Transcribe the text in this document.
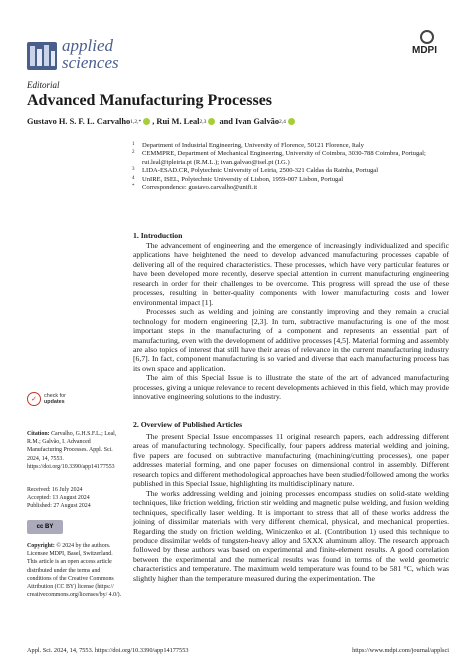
applied
sciences
MDPI
Editorial
Advanced Manufacturing Processes
Gustavo H. S. F. L. Carvalho 1,2,* , Rui M. Leal 2,3
and Ivan Galvão 2,4
1 Department of Industrial Engineering, University of Florence, 50121 Florence, Italy
2 CEMMPRE, Department of Mechanical Engineering, University of Coimbra, 3030-788 Coimbra, Portugal;
rui.leal@ipleiria.pt (R.M.L.); ivan.galvao@isel.pt (I.G.)
3 LIDA-ESAD.CR, Polytechnic University of Leiria, 2500-321 Caldas da Rainha, Portugal
4 UnIRE, ISEL, Polytechnic University of Lisbon, 1959-007 Lisbon, Portugal
* Correspondence: gustavo.carvalho@unifi.it
1. Introduction

The advancement of engineering and the emergence of increasingly individualized and specific applications have heightened the need to develop advanced manufacturing processes capable of delivering all of the required characteristics. These processes, which have very particular features or have been developed more recently, deserve special attention in current manufacturing engineering research in order for their challenges to be overcome. This progress will spread the use of these processes, resulting in better-quality components with lower manufacturing costs and lower environmental impact [1].

Processes such as welding and joining are constantly improving and they remain a crucial technology for modern engineering [2,3]. In turn, subtractive manufacturing is one of the most important steps in the manufacturing of a component and represents an essential part of manufacturing, even with the development of additive processes [4,5]. Material forming and assembly are also topics of interest that still have their areas of relevance in the current manufacturing industry [6,7]. In fact, component manufacturing is so varied and diverse that each manufacturing process has its own space and application.

The aim of this Special Issue is to illustrate the state of the art of advanced manufacturing processes, giving a unique relevance to recent developments achieved in this field, which may provide innovative engineering solutions to the industry.

2. Overview of Published Articles

The present Special Issue encompasses 11 original research papers, each addressing different areas of manufacturing technology. Specifically, four papers address material welding and joining, five papers are focused on subtractive manufacturing (machining/cutting processes), one paper addresses material forming, and one paper focuses on dimensional control in assembly. Different research topics and different methodological approaches have been studied/followed among the works published in this Special Issue, highlighting its multidisciplinary nature.

The works addressing welding and joining processes encompass studies on solid-state welding techniques, like friction welding, friction stir welding and magnetic pulse welding, and fusion welding techniques, specifically laser welding. It is important to stress that all of these works address the joining of dissimilar materials with very different chemical, physical, and mechanical properties. Regarding the study on friction welding, Winiczenko et al. (Contribution 1) used this technique to produce dissimilar welds of tungsten-heavy alloy and 5XXX aluminum alloy. The research approach followed by these authors was based on experimental and finite-element results. A good correlation between the experimental and the numerical results was found in terms of the weld geometric characteristics and temperature. The maximum weld temperature was found to be 581 °C, which was slightly higher than the temperature measured during the experimentation. The

✓	check for
updates
Citation: Carvalho, G.H.S.F.L.; Leal, R.M.; Galvão, I. Advanced Manufacturing Processes. Appl. Sci. 2024, 14, 7553. https://doi.org/10.3390/app14177553
Received: 16 July 2024
Accepted: 13 August 2024
Published: 27 August 2024
cc BY
Copyright: © 2024 by the authors. Licensee MDPI, Basel, Switzerland. This article is an open access article distributed under the terms and conditions of the Creative Commons Attribution (CC BY) license (https:// creativecommons.org/licenses/by/ 4.0/).
Appl. Sci. 2024, 14, 7553. https://doi.org/10.3390/app14177553	https://www.mdpi.com/journal/applsci
